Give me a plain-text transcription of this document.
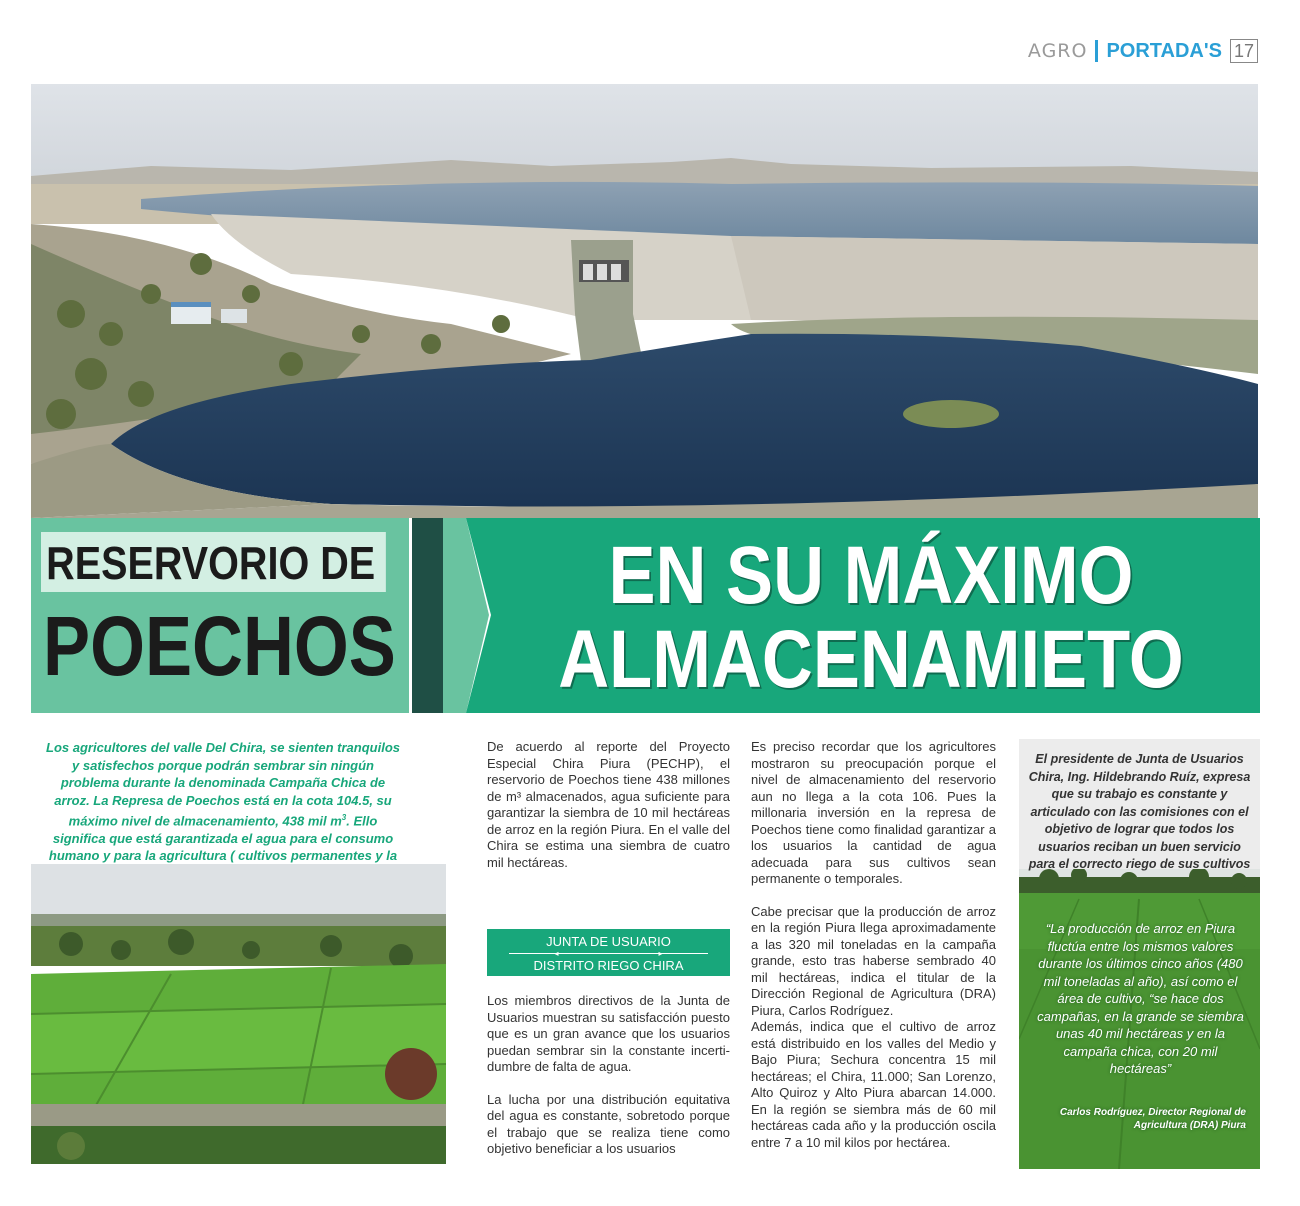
AGRO PORTADA'S 17
RESERVORIO DE
POECHOS
EN SU MÁXIMO
ALMACENAMIETO
Los agricultores del valle Del Chira, se sienten tranquilos y satisfechos porque podrán sembrar sin ningún problema durante la denominada Campaña Chica de arroz. La Represa de Poechos está en la cota 104.5, su máximo nivel de almacenamiento, 438 mil $m^3$. Ello significa que está garantizada el agua para el consumo humano y para la agricultura ( cultivos permanentes y la

De acuerdo al reporte del Proyecto Especial Chira Piura (PECHP), el reservorio de Poechos tiene 438 millones de m³ almacenados, agua suficiente para garantizar la siembra de 10 mil hectáreas de arroz en la región Piura. En el valle del Chira se estima una siembra de cuatro mil hectáreas.

JUNTA DE USUARIO
◂ ▸
DISTRITO RIEGO CHIRA

Los miembros directivos de la Junta de Usuarios muestran su satisfacción puesto que es un gran avance que los usuarios puedan sembrar sin la constante incerti-dumbre de falta de agua.

La lucha por una distribución equitativa del agua es constante, sobretodo porque el trabajo que se realiza tiene como objetivo beneficiar a los usuarios

Es preciso recordar que los agricultores mostraron su preocupación porque el nivel de almacenamiento del reservorio aun no llega a la cota 106. Pues la millonaria inversión en la represa de Poechos tiene como finalidad garantizar a los usuarios la cantidad de agua adecuada para sus cultivos sean permanente o temporales.

Cabe precisar que la producción de arroz en la región Piura llega aproximadamente a las 320 mil toneladas en la campaña grande, esto tras haberse sembrado 40 mil hectáreas, indica el titular de la Dirección Regional de Agricultura (DRA) Piura, Carlos Rodríguez.

Además, indica que el cultivo de arroz está distribuido en los valles del Medio y Bajo Piura; Sechura concentra 15 mil hectáreas; el Chira, 11.000; San Lorenzo, Alto Quiroz y Alto Piura abarcan 14.000. En la región se siembra más de 60 mil hectáreas cada año y la producción oscila entre 7 a 10 mil kilos por hectárea.

El presidente de Junta de Usuarios Chira, Ing. Hildebrando Ruíz, expresa que su trabajo es constante y articulado con las comisiones con el objetivo de lograr que todos los usuarios reciban un buen servicio para el correcto riego de sus cultivos
“La producción de arroz en Piura fluctúa entre los mismos valores durante los últimos cinco años (480 mil toneladas al año), así como el área de cultivo, “se hace dos campañas, en la grande se siembra unas 40 mil hectáreas y en la campaña chica, con 20 mil hectáreas”
Carlos Rodríguez, Director Regional de Agricultura (DRA) Piura
